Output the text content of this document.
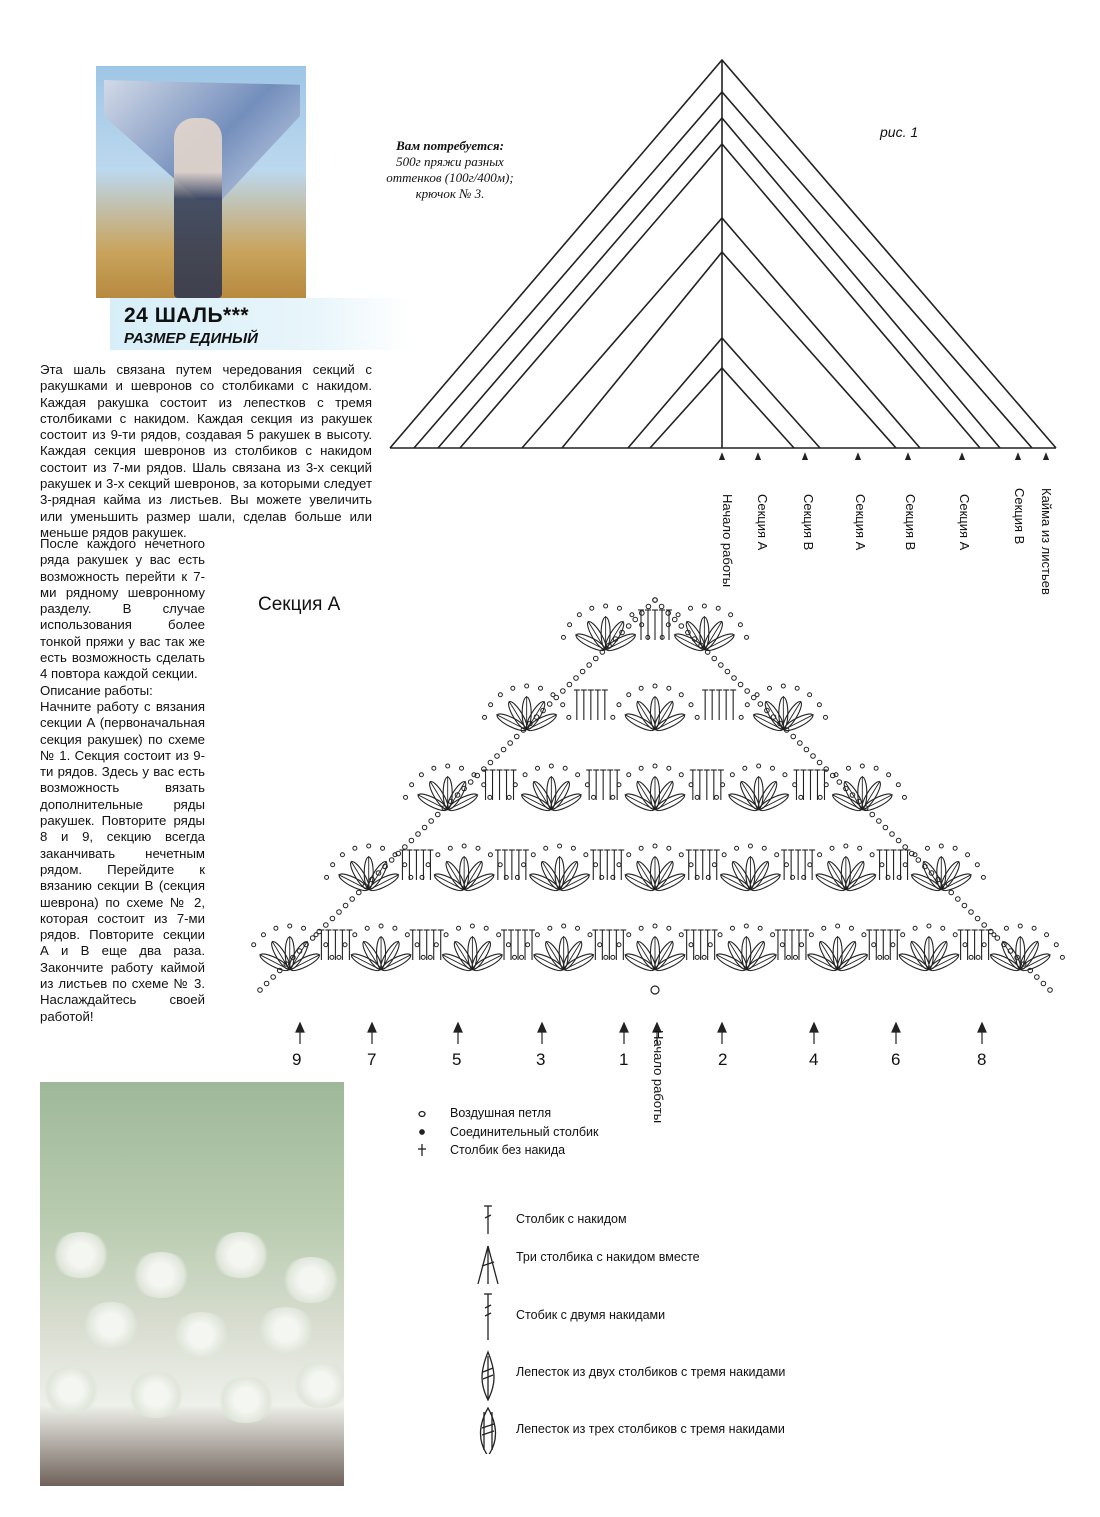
24 ШАЛЬ***
РАЗМЕР ЕДИНЫЙ
Вам потребуется:
500г пряжи разных
оттенков (100г/400м);
крючок № 3.
рис. 1
Начало работы Секция А Секция В	Секция А	Секция В	Секция А	Секция В Кайма из листьев

Эта шаль связана путем чередования секций с ракушками и шевронов со столбиками с накидом. Каждая ракушка состоит из лепестков с тремя столбиками с накидом. Каждая секция из ракушек состоит из 9-ти рядов, создавая 5 ракушек в высоту. Каждая секция шевронов из столбиков с накидом состоит из 7-ми рядов. Шаль связана из 3-х секций ракушек и 3-х секций шевронов, за которыми следует 3-рядная кайма из листьев. Вы можете увеличить или уменьшить размер шали, сделав больше или меньше рядов ракушек.

После каждого нечетного ряда ракушек у вас есть возможность перейти к 7-ми рядному шевронному разделу. В случае использования более тонкой пряжи у вас так же есть возможность сделать 4 повтора каждой секции.

Описание работы:

Начните работу с вязания секции А (первоначальная секция ракушек) по схеме № 1. Секция состоит из 9-ти рядов. Здесь у вас есть возможность вязать дополнительные ряды ракушек. Повторите ряды 8 и 9, секцию всегда заканчивать нечетным рядом. Перейдите к вязанию секции В (секция шеврона) по схеме № 2, которая состоит из 7-ми рядов. Повторите секции А и В еще два раза. Закончите работу каймой из листьев по схеме № 3. Наслаждайтесь своей работой!

Секция А
9	7	5	3	1	2	4	6	8
Начало работы
Воздушная петля
Соединительный столбик
Столбик без накида
Столбик с накидом
Три столбика с накидом вместе
Стобик с двумя накидами
Лепесток из двух столбиков с тремя накидами
Лепесток из трех столбиков с тремя накидами
